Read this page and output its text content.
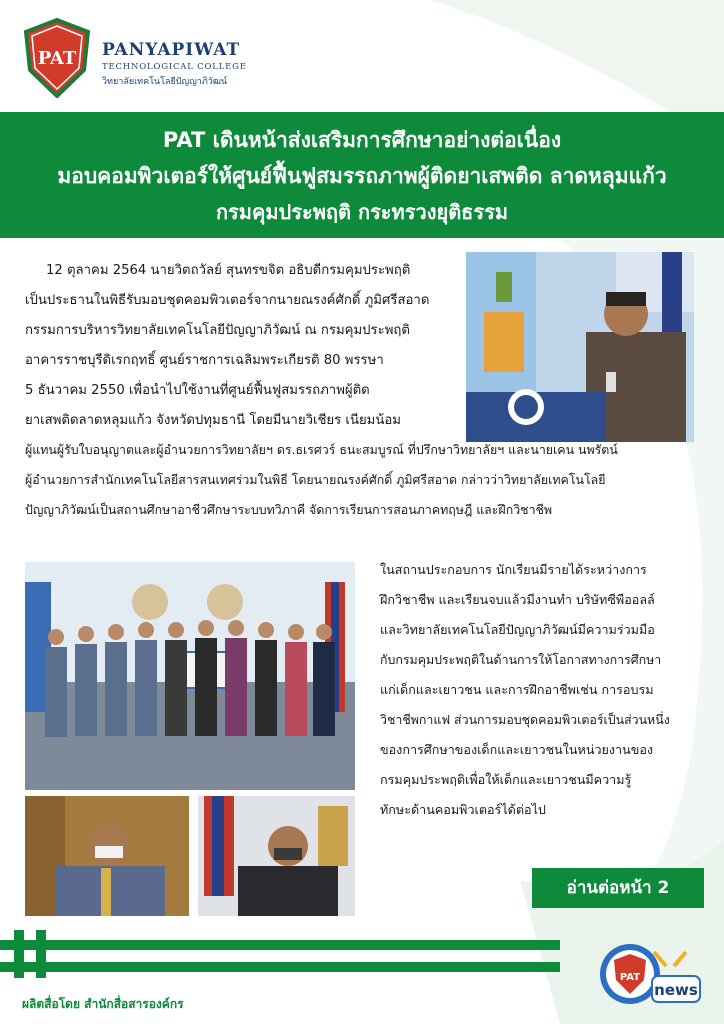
PAT PANYAPIWAT
TECHNOLOGICAL COLLEGE
วิทยาลัยเทคโนโลยีปัญญาภิวัฒน์
PAT เดินหน้าส่งเสริมการศึกษาอย่างต่อเนื่อง
มอบคอมพิวเตอร์ให้ศูนย์ฟื้นฟูสมรรถภาพผู้ติดยาเสพติด ลาดหลุมแก้ว
กรมคุมประพฤติ กระทรวงยุติธรรม
12 ตุลาคม 2564 นายวิตถวัลย์ สุนทรขจิต อธิบดีกรมคุมประพฤติ
เป็นประธานในพิธีรับมอบชุดคอมพิวเตอร์จากนายณรงค์ศักดิ์ ภูมิศรีสอาด
กรรมการบริหารวิทยาลัยเทคโนโลยีปัญญาภิวัฒน์ ณ กรมคุมประพฤติ
อาคารราชบุรีดิเรกฤทธิ์ ศูนย์ราชการเฉลิมพระเกียรติ 80 พรรษา
5 ธันวาคม 2550 เพื่อนำไปใช้งานที่ศูนย์ฟื้นฟูสมรรถภาพผู้ติด
ยาเสพติดลาดหลุมแก้ว จังหวัดปทุมธานี โดยมีนายวิเชียร เนียมน้อม
ผู้แทนผู้รับใบอนุญาตและผู้อำนวยการวิทยาลัยฯ ดร.ธเรศวร์ ธนะสมบูรณ์ ที่ปรึกษาวิทยาลัยฯ และนายเคน นพรัตน์
ผู้อำนวยการสำนักเทคโนโลยีสารสนเทศร่วมในพิธี โดยนายณรงค์ศักดิ์ ภูมิศรีสอาด กล่าวว่าวิทยาลัยเทคโนโลยี
ปัญญาภิวัฒน์เป็นสถานศึกษาอาชีวศึกษาระบบทวิภาคี จัดการเรียนการสอนภาคทฤษฎี และฝึกวิชาชีพ
ในสถานประกอบการ นักเรียนมีรายได้ระหว่างการ
ฝึกวิชาชีพ และเรียนจบแล้วมีงานทำ บริษัทซีพีออลล์
และวิทยาลัยเทคโนโลยีปัญญาภิวัฒน์มีความร่วมมือ
กับกรมคุมประพฤติในด้านการให้โอกาสทางการศึกษา
แก่เด็กและเยาวชน และการฝึกอาชีพเช่น การอบรม
วิชาชีพกาแฟ ส่วนการมอบชุดคอมพิวเตอร์เป็นส่วนหนึ่ง
ของการศึกษาของเด็กและเยาวชนในหน่วยงานของ
กรมคุมประพฤติเพื่อให้เด็กและเยาวชนมีความรู้
ทักษะด้านคอมพิวเตอร์ได้ต่อไป
อ่านต่อหน้า 2
ผลิตสื่อโดย สำนักสื่อสารองค์กร
PAT
news
